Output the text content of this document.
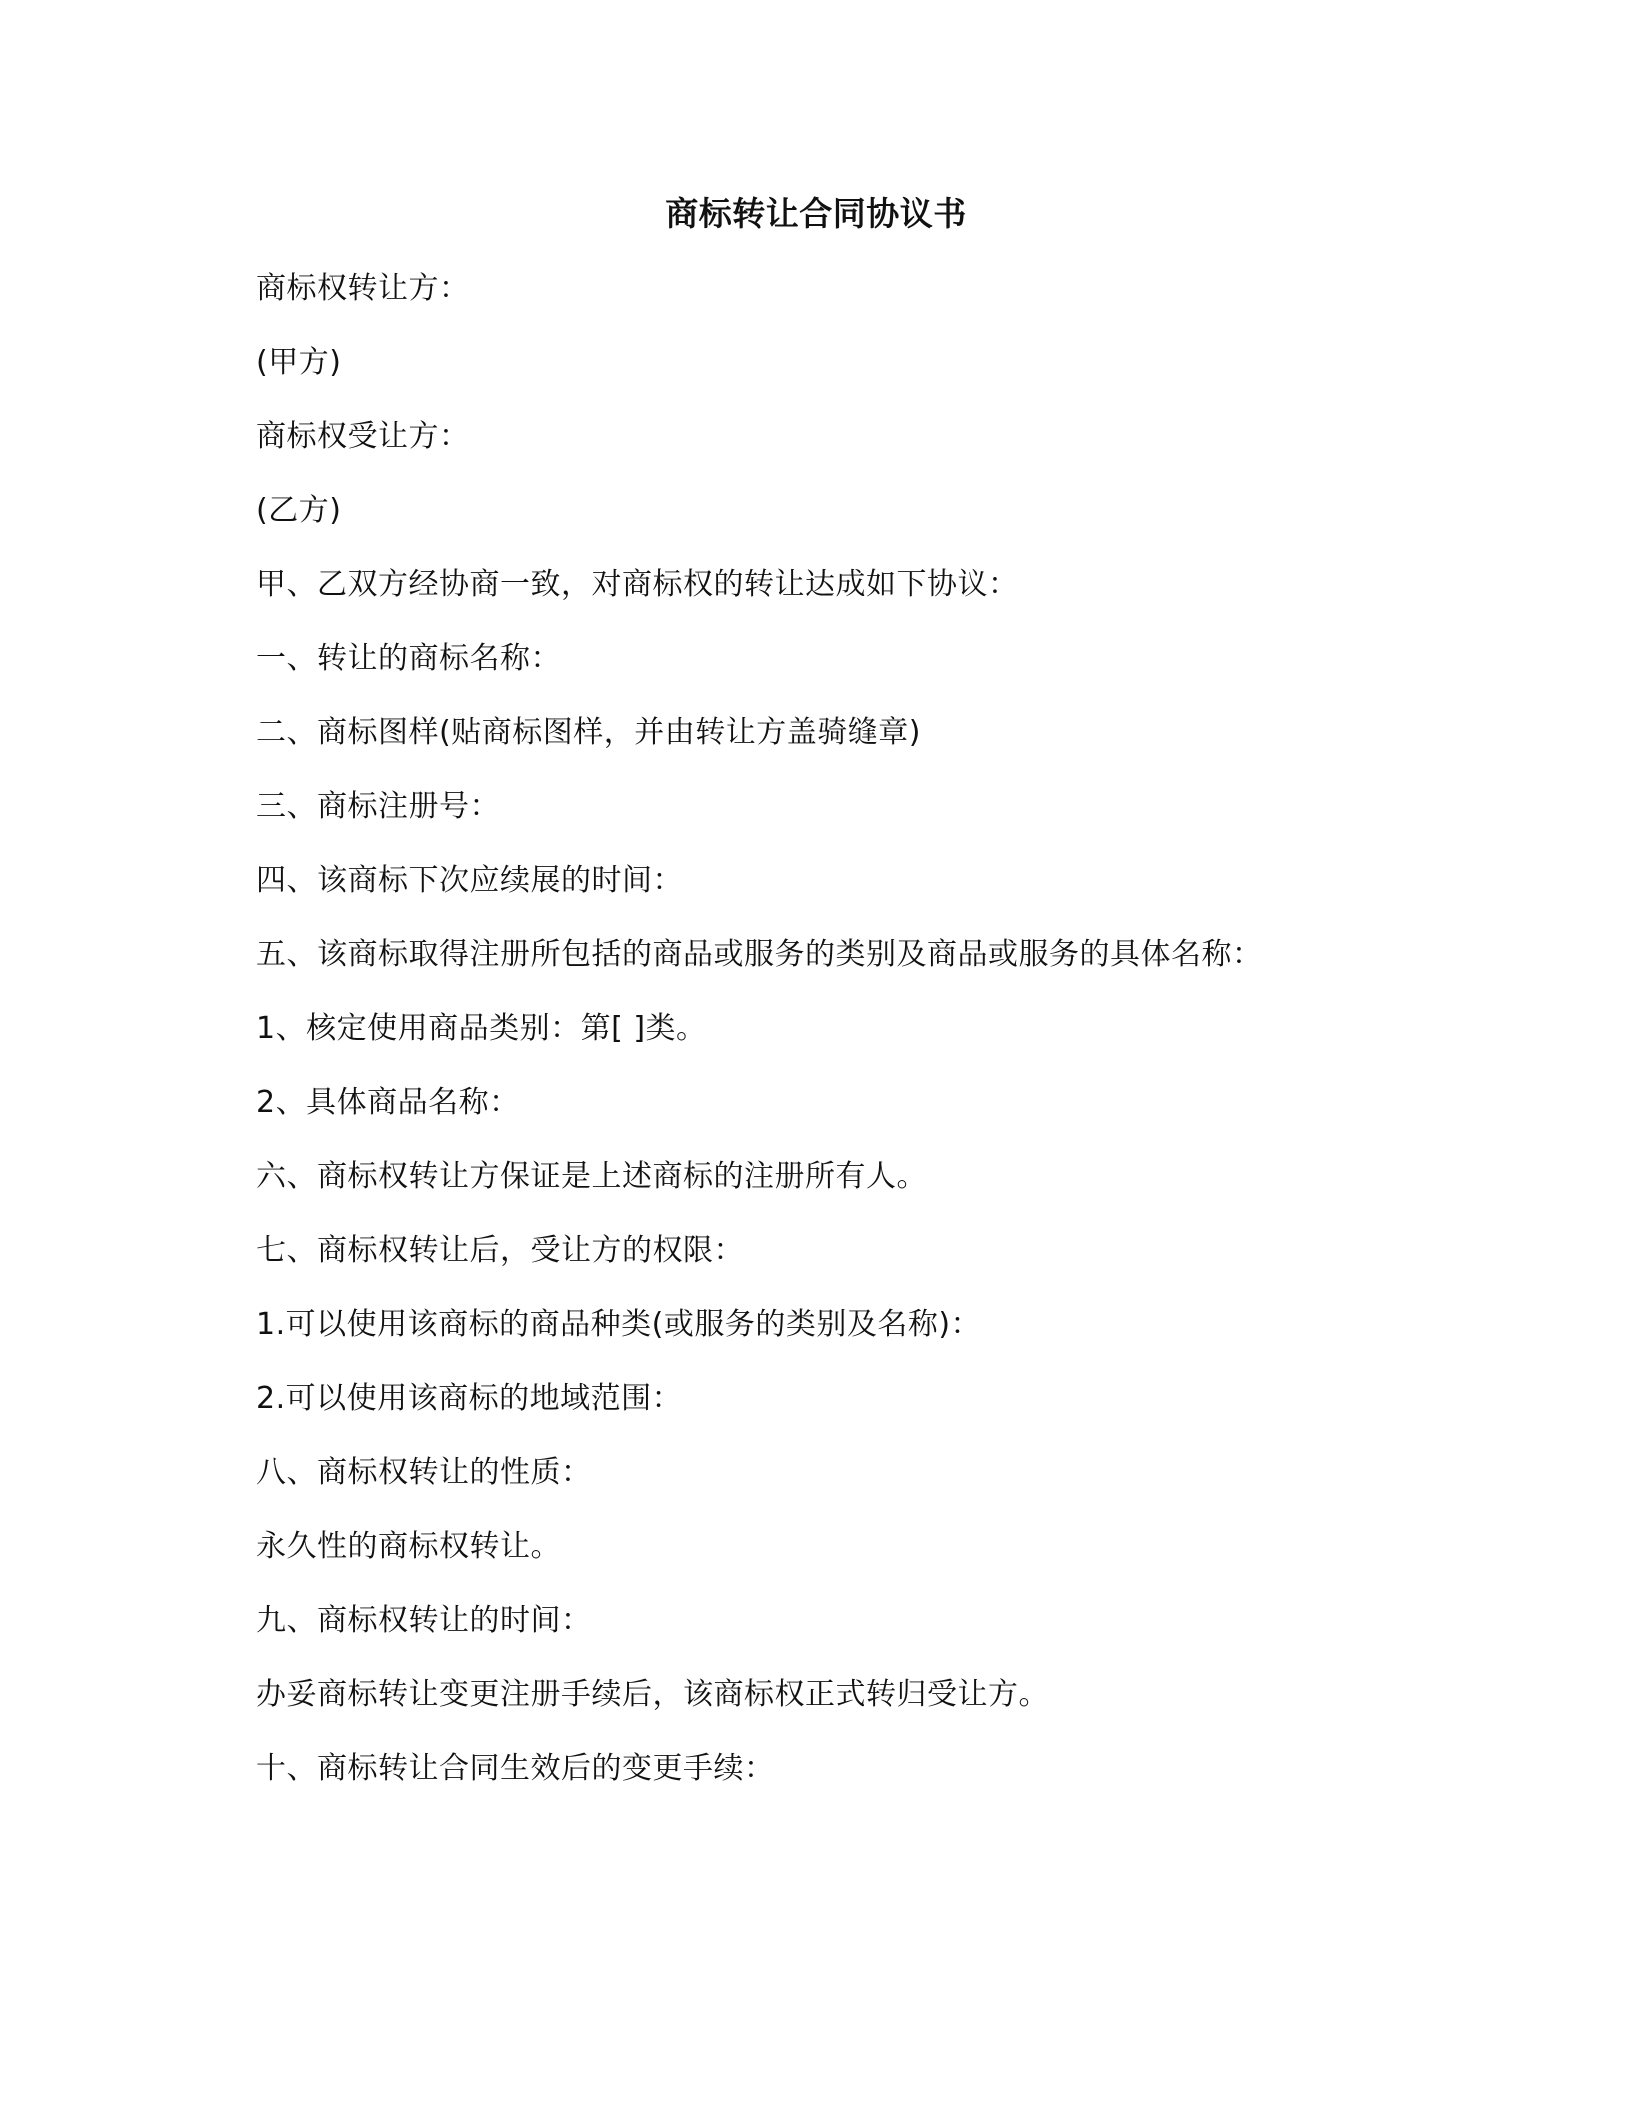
商标转让合同协议书
商标权转让方：
(甲方)
商标权受让方：
(乙方)
甲、乙双方经协商一致，对商标权的转让达成如下协议：
一、转让的商标名称：
二、商标图样(贴商标图样，并由转让方盖骑缝章)
三、商标注册号：
四、该商标下次应续展的时间：
五、该商标取得注册所包括的商品或服务的类别及商品或服务的具体名称：
1、核定使用商品类别：第[ ]类。
2、具体商品名称：
六、商标权转让方保证是上述商标的注册所有人。
七、商标权转让后，受让方的权限：
1.可以使用该商标的商品种类(或服务的类别及名称)：
2.可以使用该商标的地域范围：
八、商标权转让的性质：
永久性的商标权转让。
九、商标权转让的时间：
办妥商标转让变更注册手续后，该商标权正式转归受让方。
十、商标转让合同生效后的变更手续：
